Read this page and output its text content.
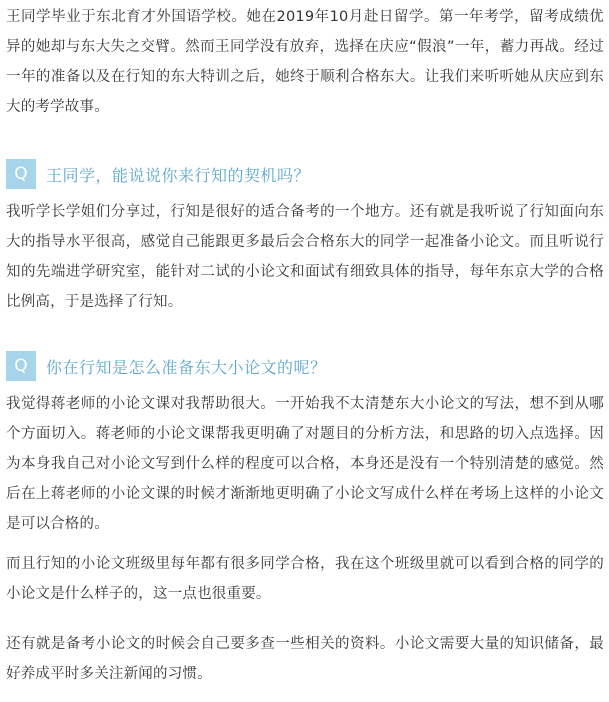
王同学毕业于东北育才外国语学校。她在2019年10月赴日留学。第一年考学，留考成绩优异的她却与东大失之交臂。然而王同学没有放弃，选择在庆应“假浪”一年，蓄力再战。经过一年的准备以及在行知的东大特训之后，她终于顺利合格东大。让我们来听听她从庆应到东大的考学故事。

Q	王同学，能说说你来行知的契机吗？

我听学长学姐们分享过，行知是很好的适合备考的一个地方。还有就是我听说了行知面向东大的指导水平很高，感觉自己能跟更多最后会合格东大的同学一起准备小论文。而且听说行知的先端进学研究室，能针对二试的小论文和面试有细致具体的指导，每年东京大学的合格比例高，于是选择了行知。

Q	你在行知是怎么准备东大小论文的呢？

我觉得蒋老师的小论文课对我帮助很大。一开始我不太清楚东大小论文的写法，想不到从哪个方面切入。蒋老师的小论文课帮我更明确了对题目的分析方法，和思路的切入点选择。因为本身我自己对小论文写到什么样的程度可以合格，本身还是没有一个特别清楚的感觉。然后在上蒋老师的小论文课的时候才渐渐地更明确了小论文写成什么样在考场上这样的小论文是可以合格的。

而且行知的小论文班级里每年都有很多同学合格，我在这个班级里就可以看到合格的同学的小论文是什么样子的，这一点也很重要。

还有就是备考小论文的时候会自己要多查一些相关的资料。小论文需要大量的知识储备，最好养成平时多关注新闻的习惯。
